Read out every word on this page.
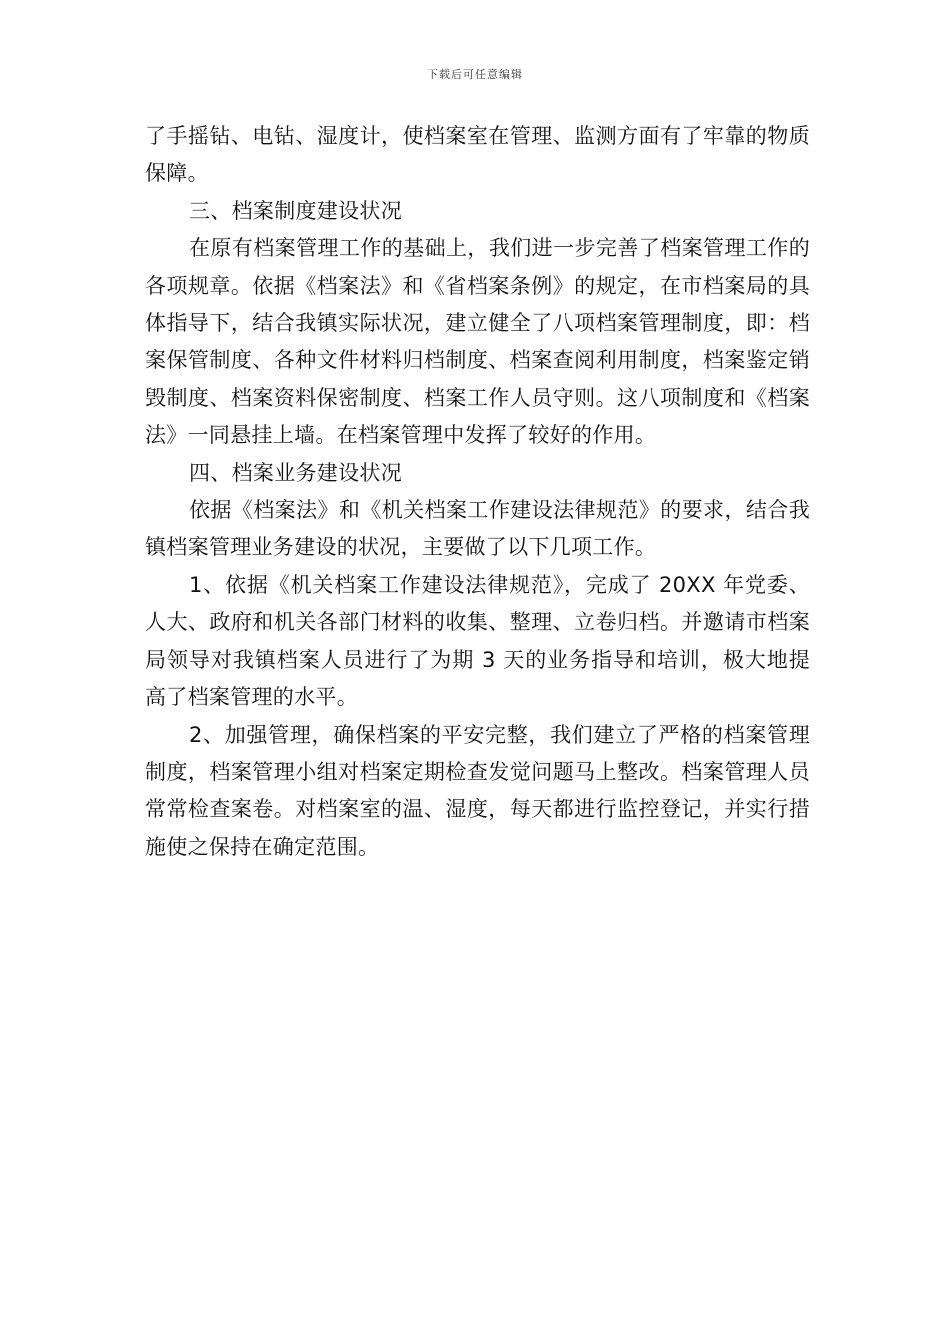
下载后可任意编辑

了手摇钻、电钻、湿度计，使档案室在管理、监测方面有了牢靠的物质保障。

三、档案制度建设状况

在原有档案管理工作的基础上，我们进一步完善了档案管理工作的各项规章。依据《档案法》和《省档案条例》的规定，在市档案局的具体指导下，结合我镇实际状况，建立健全了八项档案管理制度，即：档案保管制度、各种文件材料归档制度、档案查阅利用制度，档案鉴定销毁制度、档案资料保密制度、档案工作人员守则。这八项制度和《档案法》一同悬挂上墙。在档案管理中发挥了较好的作用。

四、档案业务建设状况

依据《档案法》和《机关档案工作建设法律规范》的要求，结合我镇档案管理业务建设的状况，主要做了以下几项工作。

1、依据《机关档案工作建设法律规范》，完成了 20XX 年党委、人大、政府和机关各部门材料的收集、整理、立卷归档。并邀请市档案局领导对我镇档案人员进行了为期 3 天的业务指导和培训，极大地提高了档案管理的水平。

2、加强管理，确保档案的平安完整，我们建立了严格的档案管理制度，档案管理小组对档案定期检查发觉问题马上整改。档案管理人员常常检查案卷。对档案室的温、湿度，每天都进行监控登记，并实行措施使之保持在确定范围。
